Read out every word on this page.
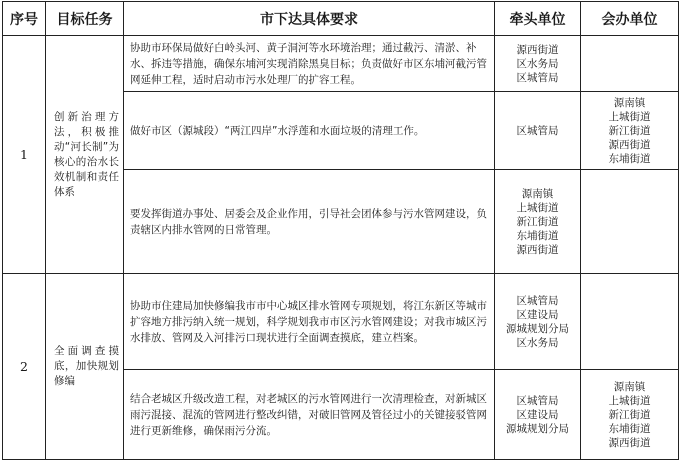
序号	目标任务	市下达具体要求	牵头单位	会办单位
1	创新治理方法，积极推动“河长制”为核心的治水长效机制和责任体系	协助市环保局做好白岭头河、黄子洞河等水环境治理；通过截污、清淤、补水、拆违等措施，确保东埔河实现消除黑臭目标；负责做好市区东埔河截污管网延伸工程，适时启动市污水处理厂的扩容工程。	源西街道
区水务局
区城管局	

		做好市区（源城段）“两江四岸”水浮莲和水面垃圾的清理工作。	区城管局	源南镇
上城街道
新江街道
源西街道
东埔街道

		要发挥街道办事处、居委会及企业作用，引导社会团体参与污水管网建设，负责辖区内排水管网的日常管理。	源南镇
上城街道
新江街道
东埔街道
源西街道	

2	全面调查摸底，加快规划修编	协助市住建局加快修编我市市中心城区排水管网专项规划，将江东新区等城市扩容地方排污纳入统一规划，科学规划我市市区污水管网建设；对我市城区污水排放、管网及入河排污口现状进行全面调查摸底，建立档案。	区城管局
区建设局
源城规划分局
区水务局	

		结合老城区升级改造工程，对老城区的污水管网进行一次清理检查，对新城区雨污混接、混流的管网进行整改纠错，对破旧管网及管径过小的关键接驳管网进行更新维修，确保雨污分流。	区城管局
区建设局
源城规划分局	源南镇
上城街道
新江街道
东埔街道
源西街道
